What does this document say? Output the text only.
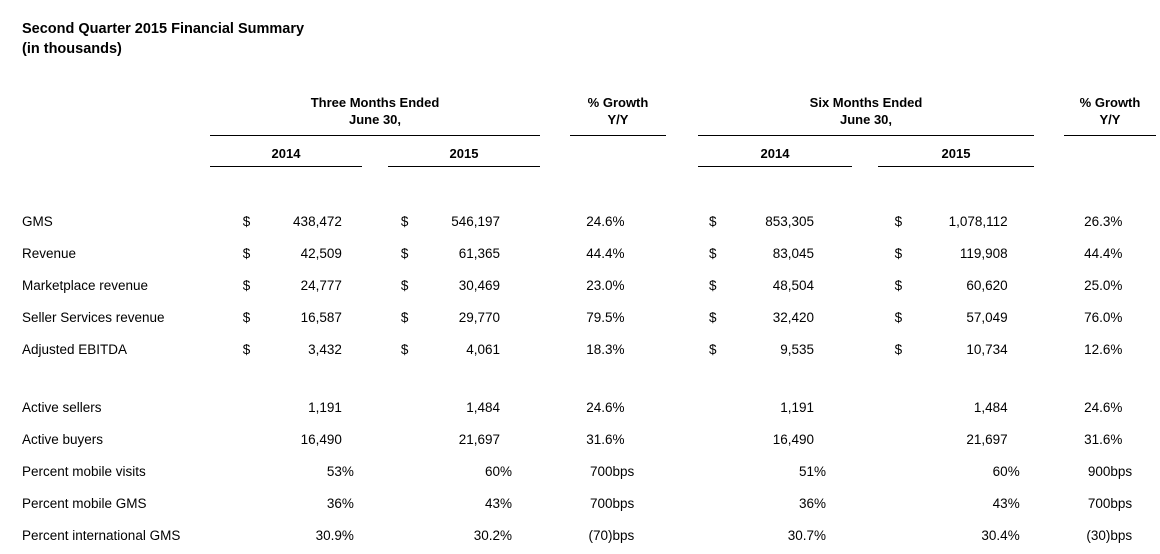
Second Quarter 2015 Financial Summary
(in thousands)
Three Months Ended
June 30,
2014	2015
% Growth
Y/Y
Six Months Ended
June 30,
2014	2015
% Growth
Y/Y
GMS		$	438,472			$	546,197			24.6	%		$	853,305			$	1,078,112			26.3	%
Revenue		$	42,509			$	61,365			44.4	%		$	83,045			$	119,908			44.4	%
Marketplace revenue		$	24,777			$	30,469			23.0	%		$	48,504			$	60,620			25.0	%
Seller Services revenue		$	16,587			$	29,770			79.5	%		$	32,420			$	57,049			76.0	%
Adjusted EBITDA		$	3,432			$	4,061			18.3	%		$	9,535			$	10,734			12.6	%

Active sellers			1,191				1,484			24.6	%			1,191				1,484			24.6	%
Active buyers			16,490				21,697			31.6	%			16,490				21,697			31.6	%
Percent mobile visits			53	%			60	%		700	bps			51	%			60	%		900	bps
Percent mobile GMS			36	%			43	%		700	bps			36	%			43	%		700	bps
Percent international GMS			30.9	%			30.2	%		(70)	bps			30.7	%			30.4	%		(30)	bps
